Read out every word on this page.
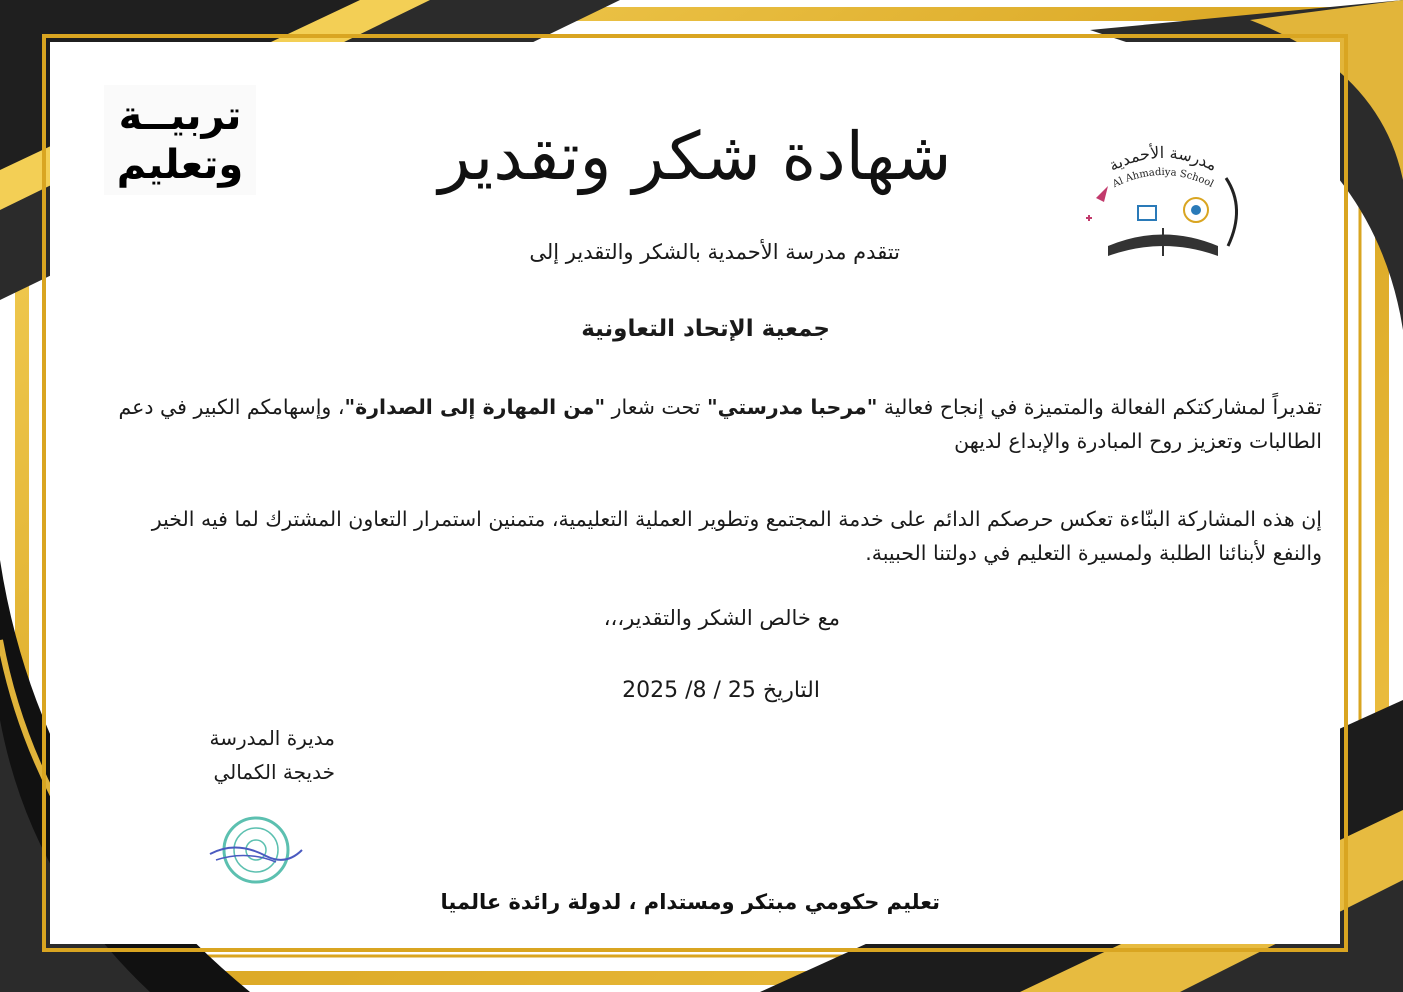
تربيــة
وتعليم	مدرسة الأحمدية
Al Ahmadiya School
شهادة شكر وتقدير
تتقدم مدرسة الأحمدية بالشكر والتقدير إلى
جمعية الإتحاد التعاونية
تقديراً لمشاركتكم الفعالة والمتميزة في إنجاح فعالية "مرحبا مدرستي" تحت شعار "من المهارة إلى الصدارة"، وإسهامكم الكبير في دعم الطالبات وتعزيز روح المبادرة والإبداع لديهن
إن هذه المشاركة البنّاءة تعكس حرصكم الدائم على خدمة المجتمع وتطوير العملية التعليمية، متمنين استمرار التعاون المشترك لما فيه الخير والنفع لأبنائنا الطلبة ولمسيرة التعليم في دولتنا الحبيبة.
مع خالص الشكر والتقدير،،،
التاريخ 2025 /8 / 25
مديرة المدرسة
خديجة الكمالي
تعليم حكومي مبتكر ومستدام ، لدولة رائدة عالميا
